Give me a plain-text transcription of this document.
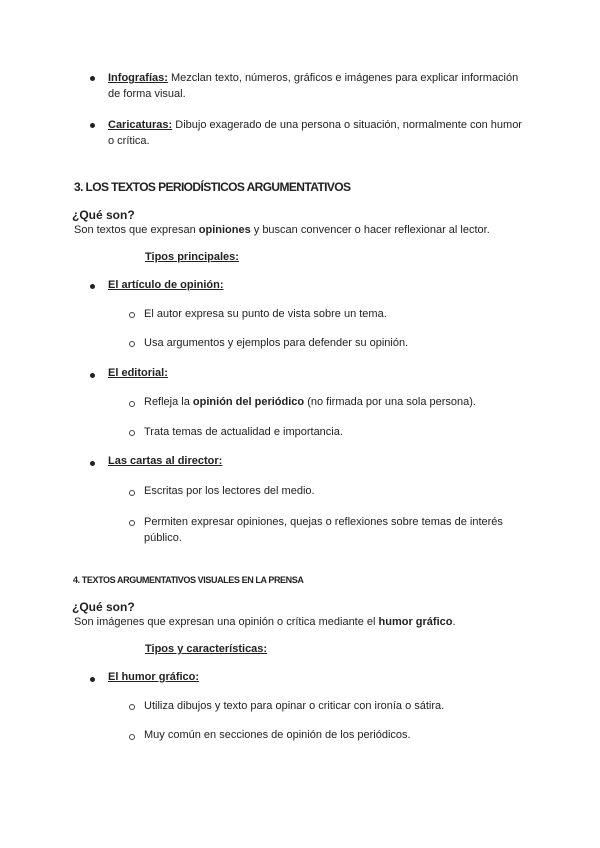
Infografías: Mezclan texto, números, gráficos e imágenes para explicar información
de forma visual.
Caricaturas: Dibujo exagerado de una persona o situación, normalmente con humor
o crítica.
3. LOS TEXTOS PERIODÍSTICOS ARGUMENTATIVOS
¿Qué son?
Son textos que expresan opiniones y buscan convencer o hacer reflexionar al lector.
Tipos principales:
El artículo de opinión:
El autor expresa su punto de vista sobre un tema.
Usa argumentos y ejemplos para defender su opinión.
El editorial:
Refleja la opinión del periódico (no firmada por una sola persona).
Trata temas de actualidad e importancia.
Las cartas al director:
Escritas por los lectores del medio.
Permiten expresar opiniones, quejas o reflexiones sobre temas de interés
público.
4. TEXTOS ARGUMENTATIVOS VISUALES EN LA PRENSA
¿Qué son?
Son imágenes que expresan una opinión o crítica mediante el humor gráfico.
Tipos y características:
El humor gráfico:
Utiliza dibujos y texto para opinar o criticar con ironía o sátira.
Muy común en secciones de opinión de los periódicos.
